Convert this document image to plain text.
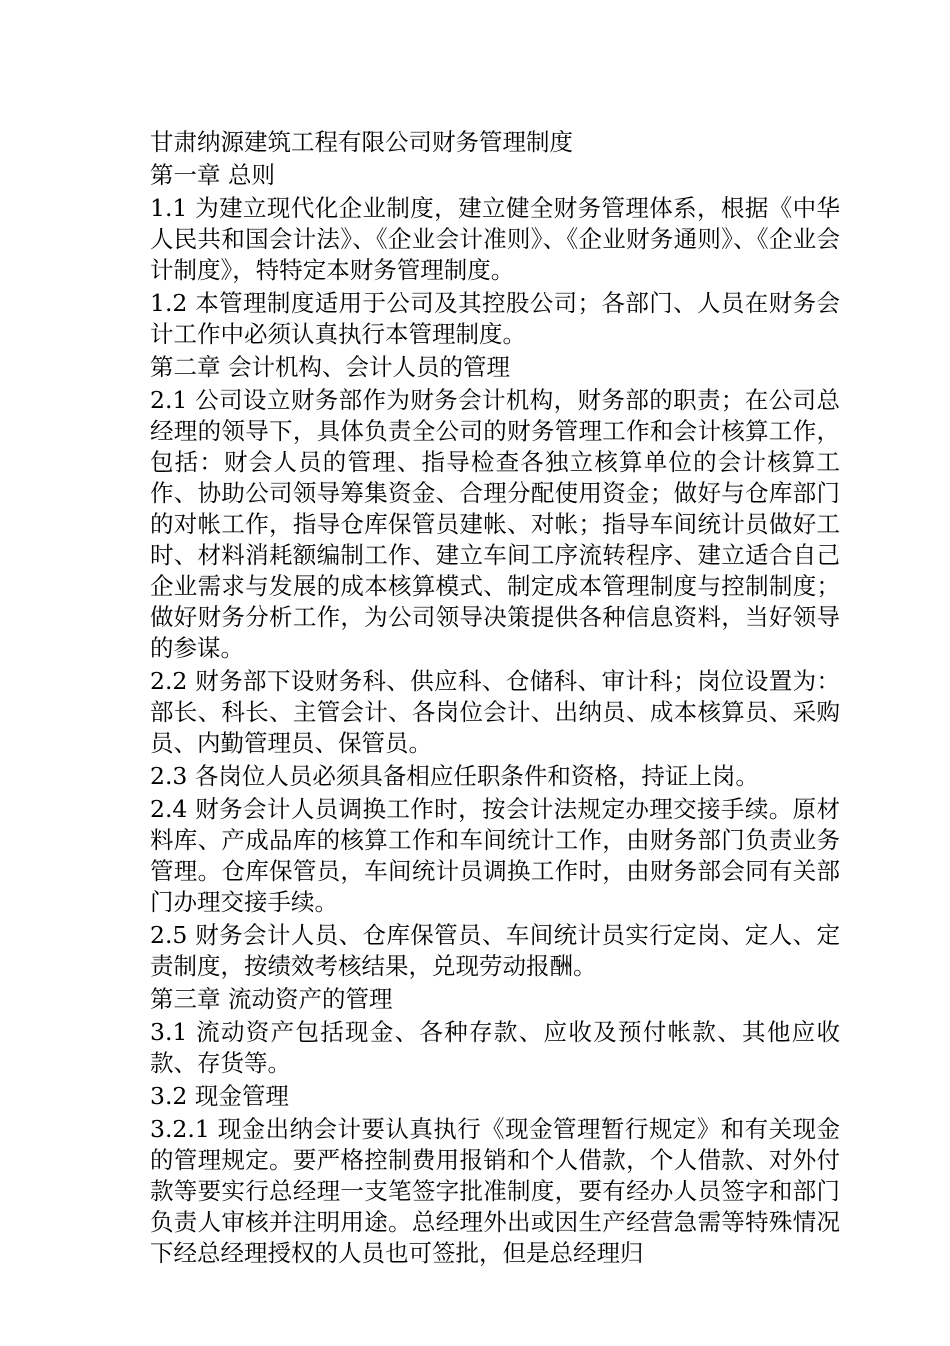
甘肃纳源建筑工程有限公司财务管理制度

第一章 总则

1.1 为建立现代化企业制度，建立健全财务管理体系，根据《中华人民共和国会计法》、《企业会计准则》、《企业财务通则》、《企业会计制度》，特特定本财务管理制度。

1.2 本管理制度适用于公司及其控股公司；各部门、人员在财务会计工作中必须认真执行本管理制度。

第二章 会计机构、会计人员的管理

2.1 公司设立财务部作为财务会计机构，财务部的职责；在公司总经理的领导下，具体负责全公司的财务管理工作和会计核算工作，包括：财会人员的管理、指导检查各独立核算单位的会计核算工作、协助公司领导筹集资金、合理分配使用资金；做好与仓库部门的对帐工作，指导仓库保管员建帐、对帐；指导车间统计员做好工时、材料消耗额编制工作、建立车间工序流转程序、建立适合自己企业需求与发展的成本核算模式、制定成本管理制度与控制制度；做好财务分析工作，为公司领导决策提供各种信息资料，当好领导的参谋。

2.2 财务部下设财务科、供应科、仓储科、审计科；岗位设置为：部长、科长、主管会计、各岗位会计、出纳员、成本核算员、采购员、内勤管理员、保管员。

2.3 各岗位人员必须具备相应任职条件和资格，持证上岗。

2.4 财务会计人员调换工作时，按会计法规定办理交接手续。原材料库、产成品库的核算工作和车间统计工作，由财务部门负责业务管理。仓库保管员，车间统计员调换工作时，由财务部会同有关部门办理交接手续。

2.5 财务会计人员、仓库保管员、车间统计员实行定岗、定人、定责制度，按绩效考核结果，兑现劳动报酬。

第三章 流动资产的管理

3.1 流动资产包括现金、各种存款、应收及预付帐款、其他应收款、存货等。

3.2 现金管理

3.2.1 现金出纳会计要认真执行《现金管理暂行规定》和有关现金的管理规定。要严格控制费用报销和个人借款，个人借款、对外付款等要实行总经理一支笔签字批准制度，要有经办人员签字和部门负责人审核并注明用途。总经理外出或因生产经营急需等特殊情况下经总经理授权的人员也可签批，但是总经理归
